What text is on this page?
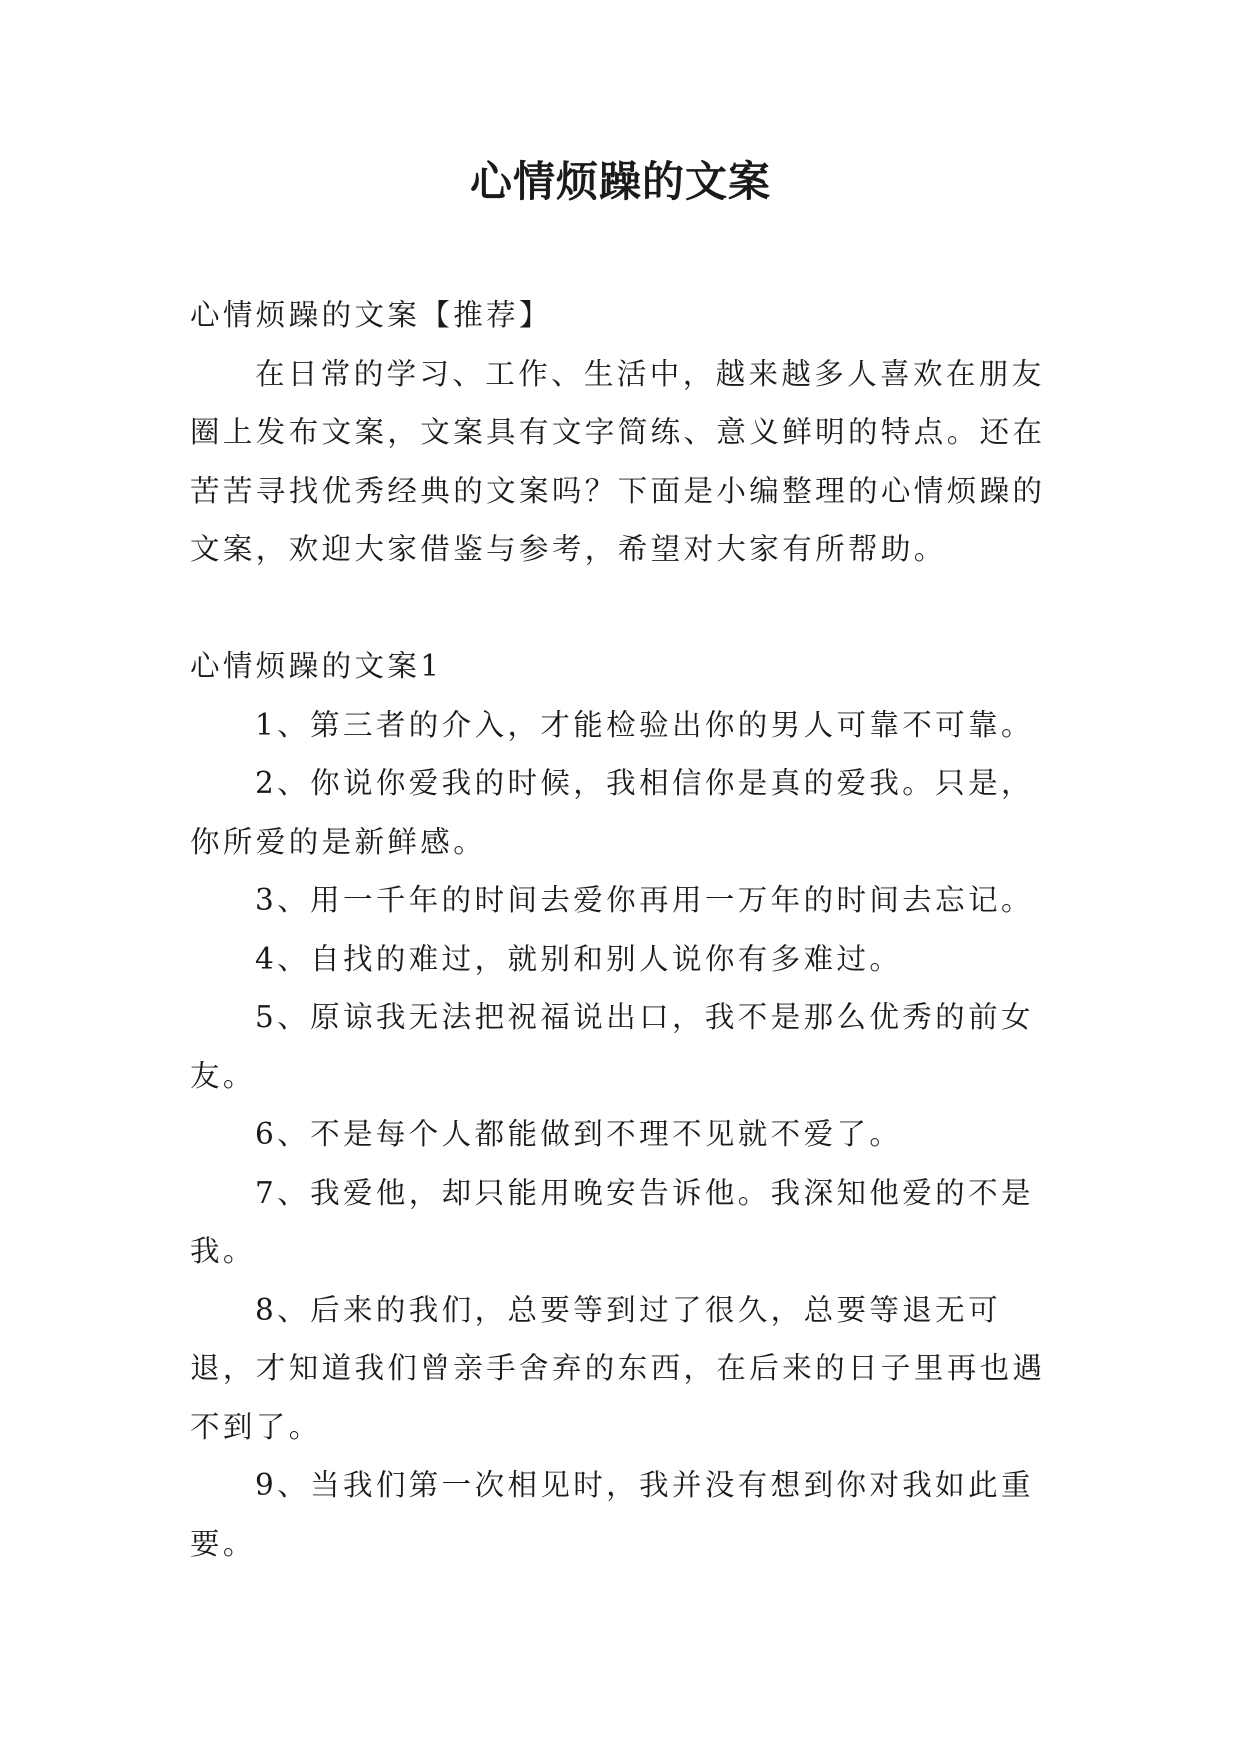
心情烦躁的文案

心情烦躁的文案【推荐】

在日常的学习、工作、生活中，越来越多人喜欢在朋友圈上发布文案，文案具有文字简练、意义鲜明的特点。还在苦苦寻找优秀经典的文案吗？下面是小编整理的心情烦躁的文案，欢迎大家借鉴与参考，希望对大家有所帮助。

心情烦躁的文案1

1、第三者的介入，才能检验出你的男人可靠不可靠。

2、你说你爱我的时候，我相信你是真的爱我。只是，你所爱的是新鲜感。

3、用一千年的时间去爱你再用一万年的时间去忘记。

4、自找的难过，就别和别人说你有多难过。

5、原谅我无法把祝福说出口，我不是那么优秀的前女友。

6、不是每个人都能做到不理不见就不爱了。

7、我爱他，却只能用晚安告诉他。我深知他爱的不是我。

8、后来的我们，总要等到过了很久，总要等退无可退，才知道我们曾亲手舍弃的东西，在后来的日子里再也遇不到了。

9、当我们第一次相见时，我并没有想到你对我如此重要。
